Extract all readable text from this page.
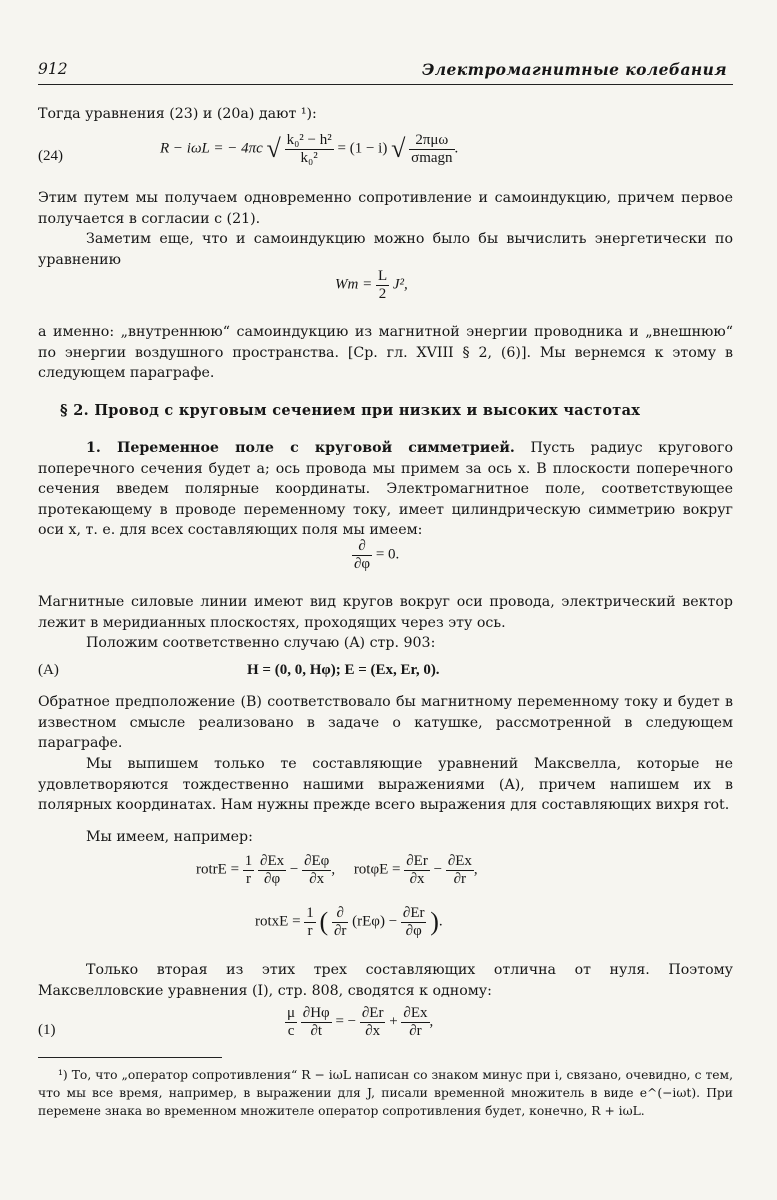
912	Электромагнитные колебания
Тогда уравнения (23) и (20a) дают ¹):
(24)	R − iωL = − 4πc √ $\frac{\text{k₀² − h²}}{\text{k₀²}} = (1 - i)$ √ $\frac{\text{2πμω}}{\text{σmagn}}$ .
Этим путем мы получаем одновременно сопротивление и самоиндукцию, причем первое получается в согласии с (21).
Заметим еще, что и самоиндукцию можно было бы вычислить энергетически по уравнению
$Wm = \frac{L}{2} J^2$,
а именно: „внутреннюю“ самоиндукцию из магнитной энергии проводника и „внешнюю“ по энергии воздушного пространства. [Ср. гл. XVIII § 2, (6)]. Мы вернемся к этому в следующем параграфе.
§ 2. Провод с круговым сечением при низких и высоких частотах
1. Переменное поле с круговой симметрией. Пусть радиус кругового поперечного сечения будет a; ось провода мы примем за ось x. В плоскости поперечного сечения введем полярные координаты. Электромагнитное поле, соответствующее протекающему в проводе переменному току, имеет цилиндрическую симметрию вокруг оси x, т. е. для всех составляющих поля мы имеем:
$\frac{\partial}{\partial\varphi} = 0$.
Магнитные силовые линии имеют вид кругов вокруг оси провода, электрический вектор лежит в меридианных плоскостях, проходящих через эту ось.
Положим соответственно случаю (A) стр. 903:
(A)	H = (0, 0, Hφ); E = (Ex, Er, 0).
Обратное предположение (B) соответствовало бы магнитному переменному току и будет в известном смысле реализовано в задаче о катушке, рассмотренной в следующем параграфе.
Мы выпишем только те составляющие уравнений Максвелла, которые не удовлетворяются тождественно нашими выражениями (A), причем напишем их в полярных координатах. Нам нужны прежде всего выражения для составляющих вихря rot.
Мы имеем, например:
rotrE = $\frac{1}{r}$
$\frac{\partial Ex}{\partial\varphi} - \frac{\partial E\varphi}{\partial x}$ , $rot\varphi E = \frac{\partial Er}{\partial x} - \frac{\partial Ex}{\partial r}$ ,
rotxE = $\frac{1}{r}$ ( $\frac{\partial}{\partial r} (rE\varphi) - \frac{\partial Er}{\partial\varphi}$ ).
Только вторая из этих трех составляющих отлична от нуля. Поэтому Максвелловские уравнения (I), стр. 808, сводятся к одному:
(1)	$\frac{\mu}{c}$
$\frac{\partial H\varphi}{\partial t}$ = − $\frac{\partial Er}{\partial x} + \frac{\partial Ex}{\partial r}$ ,
¹) То, что „оператор сопротивления“ R − iωL написан со знаком минус при i, связано, очевидно, с тем, что мы все время, например, в выражении для J, писали временной множитель в виде e^(−iωt). При перемене знака во временном множителе оператор сопротивления будет, конечно, R + iωL.
